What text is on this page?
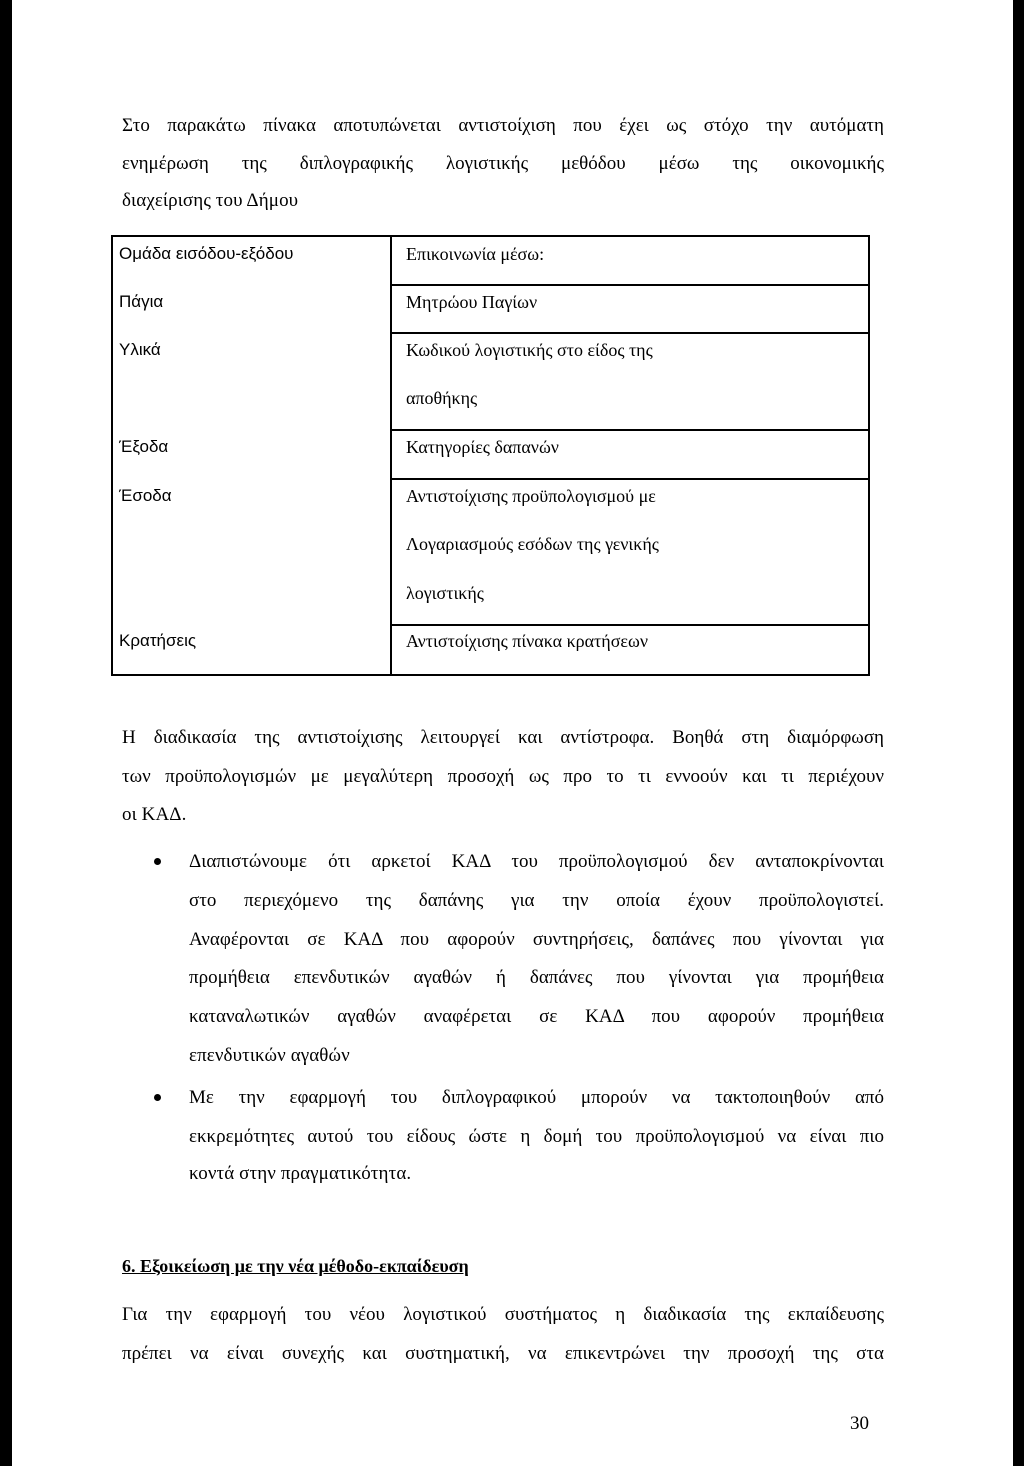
Στο παρακάτω πίνακα αποτυπώνεται αντιστοίχιση που έχει ως στόχο την αυτόματη
ενημέρωση της διπλογραφικής λογιστικής μεθόδου μέσω της οικονομικής
διαχείρισης του Δήμου
Ομάδα εισόδου-εξόδου	Επικοινωνία μέσω:
Πάγια	Μητρώου Παγίων
Υλικά	Κωδικού λογιστικής στο είδος της
αποθήκης
Έξοδα	Κατηγορίες δαπανών
Έσοδα	Αντιστοίχισης προϋπολογισμού με
Λογαριασμούς εσόδων της γενικής
λογιστικής
Κρατήσεις	Αντιστοίχισης πίνακα κρατήσεων
Η διαδικασία της αντιστοίχισης λειτουργεί και αντίστροφα. Βοηθά στη διαμόρφωση
των προϋπολογισμών με μεγαλύτερη προσοχή ως προ το τι εννοούν και τι περιέχουν
οι ΚΑΔ.
Διαπιστώνουμε ότι αρκετοί ΚΑΔ του προϋπολογισμού δεν ανταποκρίνονται
στο περιεχόμενο της δαπάνης για την οποία έχουν προϋπολογιστεί.
Αναφέρονται σε ΚΑΔ που αφορούν συντηρήσεις, δαπάνες που γίνονται για
προμήθεια επενδυτικών αγαθών ή δαπάνες που γίνονται για προμήθεια
καταναλωτικών αγαθών αναφέρεται σε ΚΑΔ που αφορούν προμήθεια
επενδυτικών αγαθών
Με την εφαρμογή του διπλογραφικού μπορούν να τακτοποιηθούν από
εκκρεμότητες αυτού του είδους ώστε η δομή του προϋπολογισμού να είναι πιο
κοντά στην πραγματικότητα.
6. Εξοικείωση με την νέα μέθοδο-εκπαίδευση
Για την εφαρμογή του νέου λογιστικού συστήματος η διαδικασία της εκπαίδευσης
πρέπει να είναι συνεχής και συστηματική, να επικεντρώνει την προσοχή της στα
30
